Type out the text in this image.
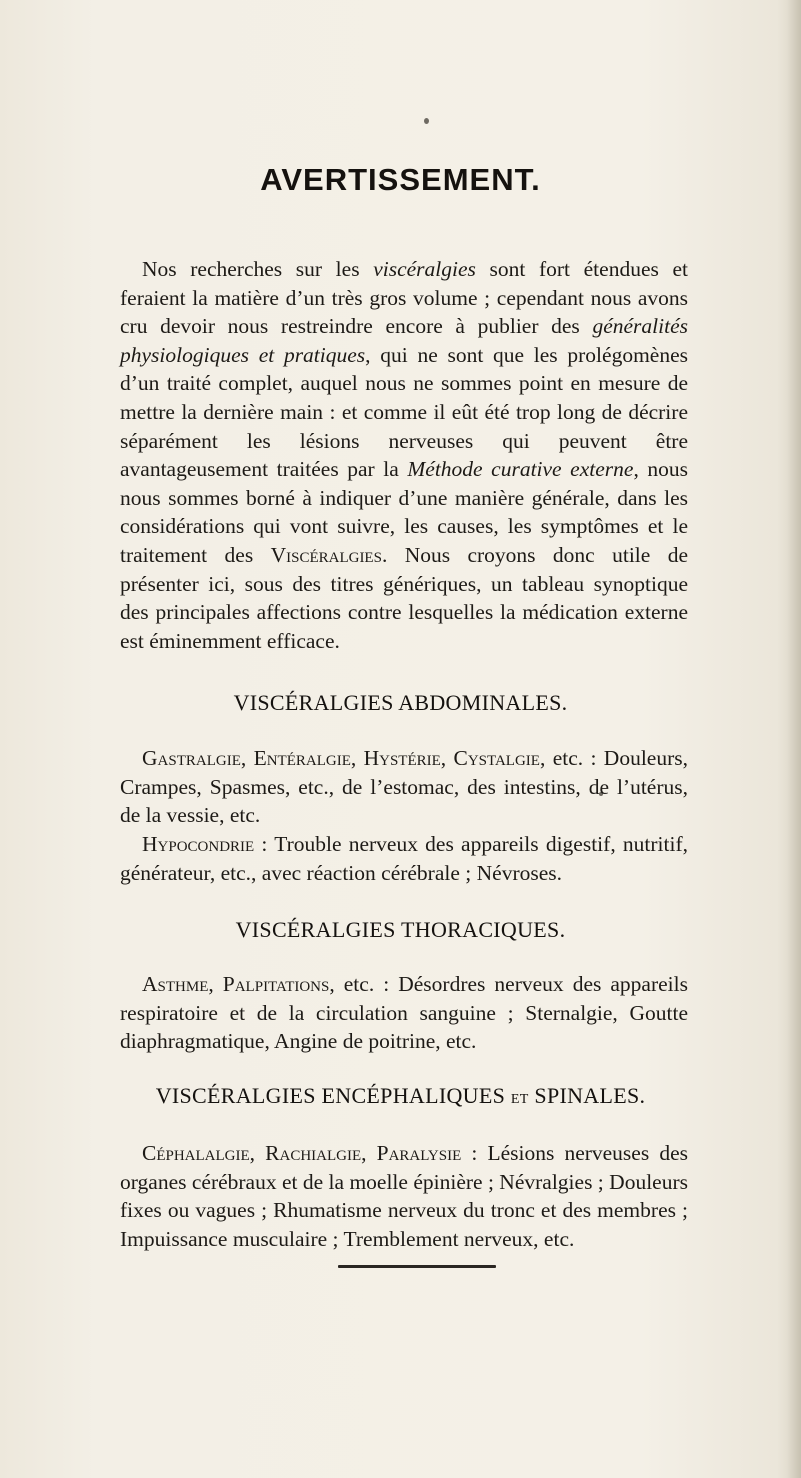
AVERTISSEMENT.

Nos recherches sur les viscéralgies sont fort étendues et feraient la matière d’un très gros volume ; cependant nous avons cru devoir nous restreindre encore à publier des généralités physiologiques et pratiques, qui ne sont que les prolégomènes d’un traité complet, auquel nous ne sommes point en mesure de mettre la dernière main : et comme il eût été trop long de décrire séparément les lésions nerveuses qui peuvent être avantageusement traitées par la Méthode curative externe, nous nous sommes borné à indiquer d’une manière générale, dans les considérations qui vont suivre, les causes, les symptômes et le traitement des Viscéralgies. Nous croyons donc utile de présenter ici, sous des titres génériques, un tableau synoptique des principales affections contre lesquelles la médication externe est éminemment efficace.

VISCÉRALGIES ABDOMINALES.

Gastralgie, Entéralgie, Hystérie, Cystalgie, etc. : Douleurs, Crampes, Spasmes, etc., de l’estomac, des intestins, de l’utérus, de la vessie, etc.

Hypocondrie : Trouble nerveux des appareils digestif, nutritif, générateur, etc., avec réaction cérébrale ; Névroses.

VISCÉRALGIES THORACIQUES.

Asthme, Palpitations, etc. : Désordres nerveux des appareils respiratoire et de la circulation sanguine ; Sternalgie, Goutte diaphragmatique, Angine de poitrine, etc.

VISCÉRALGIES ENCÉPHALIQUES et SPINALES.

Céphalalgie, Rachialgie, Paralysie : Lésions nerveuses des organes cérébraux et de la moelle épinière ; Névralgies ; Douleurs fixes ou vagues ; Rhumatisme nerveux du tronc et des membres ; Impuissance musculaire ; Tremblement nerveux, etc.
